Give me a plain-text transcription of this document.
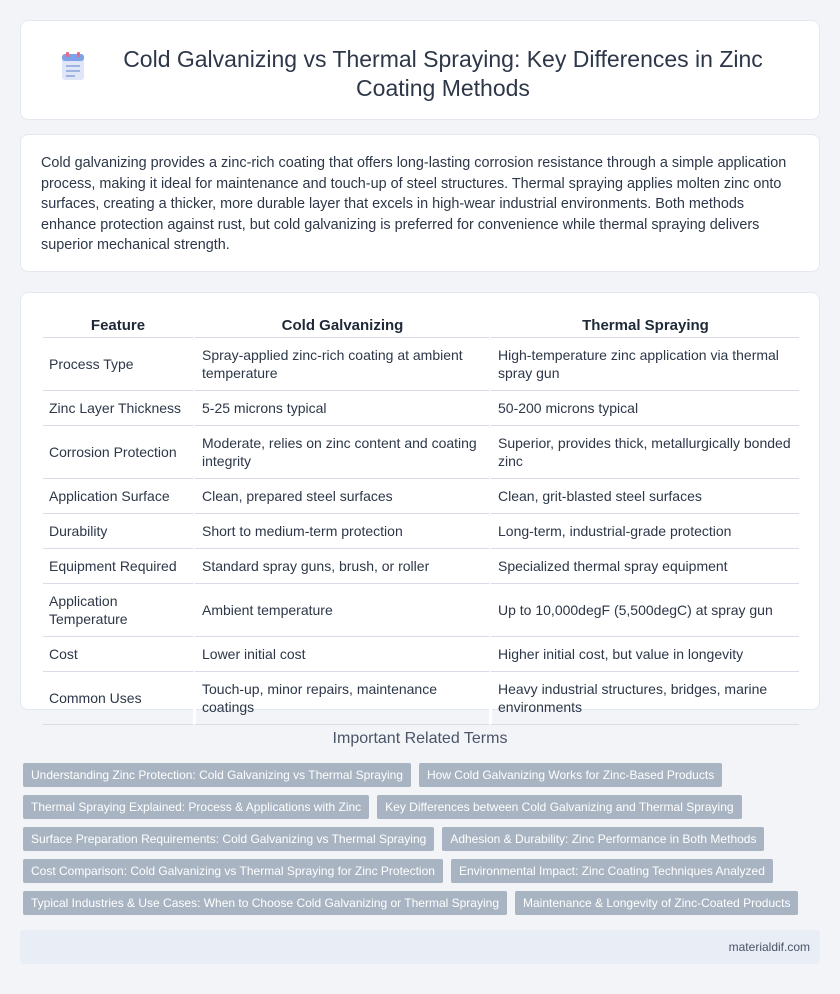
Cold Galvanizing vs Thermal Spraying: Key Differences in Zinc Coating Methods

Cold galvanizing provides a zinc-rich coating that offers long-lasting corrosion resistance through a simple application process, making it ideal for maintenance and touch-up of steel structures. Thermal spraying applies molten zinc onto surfaces, creating a thicker, more durable layer that excels in high-wear industrial environments. Both methods enhance protection against rust, but cold galvanizing is preferred for convenience while thermal spraying delivers superior mechanical strength.

Feature	Cold Galvanizing	Thermal Spraying
Process Type	Spray-applied zinc-rich coating at ambient temperature	High-temperature zinc application via thermal spray gun
Zinc Layer Thickness	5-25 microns typical	50-200 microns typical
Corrosion Protection	Moderate, relies on zinc content and coating integrity	Superior, provides thick, metallurgically bonded zinc
Application Surface	Clean, prepared steel surfaces	Clean, grit-blasted steel surfaces
Durability	Short to medium-term protection	Long-term, industrial-grade protection
Equipment Required	Standard spray guns, brush, or roller	Specialized thermal spray equipment
Application Temperature	Ambient temperature	Up to 10,000degF (5,500degC) at spray gun
Cost	Lower initial cost	Higher initial cost, but value in longevity
Common Uses	Touch-up, minor repairs, maintenance coatings	Heavy industrial structures, bridges, marine environments
Important Related Terms
Understanding Zinc Protection: Cold Galvanizing vs Thermal Spraying	How Cold Galvanizing Works for Zinc-Based Products
Thermal Spraying Explained: Process & Applications with Zinc	Key Differences between Cold Galvanizing and Thermal Spraying
Surface Preparation Requirements: Cold Galvanizing vs Thermal Spraying	Adhesion & Durability: Zinc Performance in Both Methods
Cost Comparison: Cold Galvanizing vs Thermal Spraying for Zinc Protection	Environmental Impact: Zinc Coating Techniques Analyzed
Typical Industries & Use Cases: When to Choose Cold Galvanizing or Thermal Spraying	Maintenance & Longevity of Zinc-Coated Products
materialdif.com
